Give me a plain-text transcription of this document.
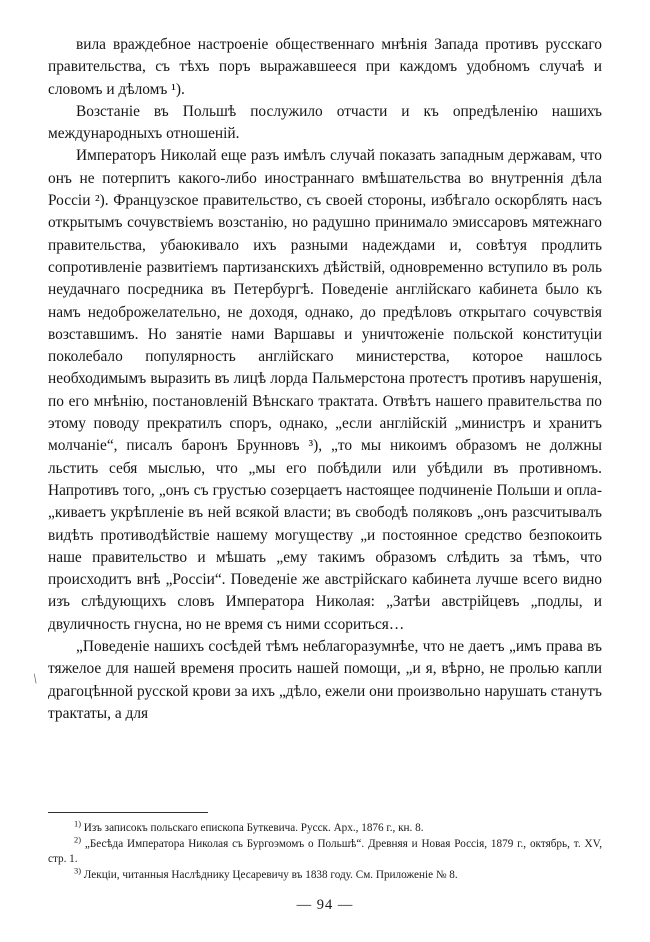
вила враждебное настроеніе общественнаго мнѣнія Запада противъ русскаго правительства, съ тѣхъ поръ выражавшееся при каждомъ удобномъ случаѣ и словомъ и дѣломъ ¹).

Возстаніе въ Польшѣ послужило отчасти и къ опредѣленію нашихъ международныхъ отношеній.

Императоръ Николай еще разъ имѣлъ случай показать западным державам, что онъ не потерпитъ какого-либо иностраннаго вмѣшательства во внутреннія дѣла Россіи ²). Французское правительство, съ своей стороны, избѣгало оскорблять насъ открытымъ сочувствіемъ возстанію, но радушно принимало эмиссаровъ мятежнаго правительства, убаюкивало ихъ разными надеждами и, совѣтуя продлить сопротивленіе развитіемъ партизанскихъ дѣйствій, одновременно вступило въ роль неудачнаго посредника въ Петербургѣ. Поведеніе англійскаго кабинета было къ намъ недоброжелательно, не доходя, однако, до предѣловъ открытаго сочувствія возставшимъ. Но занятіе нами Варшавы и уничтоженіе польской конституціи поколебало популярность англійскаго министерства, которое нашлось необходимымъ выразить въ лицѣ лорда Пальмерстона протестъ противъ нарушенія, по его мнѣнію, постановленій Вѣнскаго трактата. Отвѣтъ нашего правительства по этому поводу прекратилъ споръ, однако, „если англійскій „министръ и хранитъ молчаніе“, писалъ баронъ Брунновъ ³), „то мы никоимъ образомъ не должны льстить себя мыслью, что „мы его побѣдили или убѣдили въ противномъ. Напротивъ того, „онъ съ грустью созерцаетъ настоящее подчиненіе Польши и опла„киваетъ укрѣпленіе въ ней всякой власти; въ свободѣ поляковъ „онъ разсчитывалъ видѣть противодѣйствіе нашему могуществу „и постоянное средство безпокоить наше правительство и мѣшать „ему такимъ образомъ слѣдить за тѣмъ, что происходитъ внѣ „Россіи“. Поведеніе же австрійскаго кабинета лучше всего видно изъ слѣдующихъ словъ Императора Николая: „Затѣи австрійцевъ „подлы, и двуличность гнусна, но не время съ ними ссориться…

„Поведеніе нашихъ сосѣдей тѣмъ неблагоразумнѣе, что не даетъ „имъ права въ тяжелое для нашей временя просить нашей помощи, „и я, вѣрно, не пролью капли драгоцѣнной русской крови за ихъ „дѣло, ежели они произвольно нарушать станутъ трактаты, а для

\

$^{1)}$ Изъ записокъ польскаго епископа Буткевича. Русск. Арх., 1876 г., кн. 8.

$^{2)}$ „Бесѣда Императора Николая съ Бургоэмомъ о Польшѣ“. Древняя и Новая Россія, 1879 г., октябрь, т. XV, стр. 1.

$^{3)}$ Лекціи, читанныя Наслѣднику Цесаревичу въ 1838 году. См. Приложеніе № 8.

— 94 —
